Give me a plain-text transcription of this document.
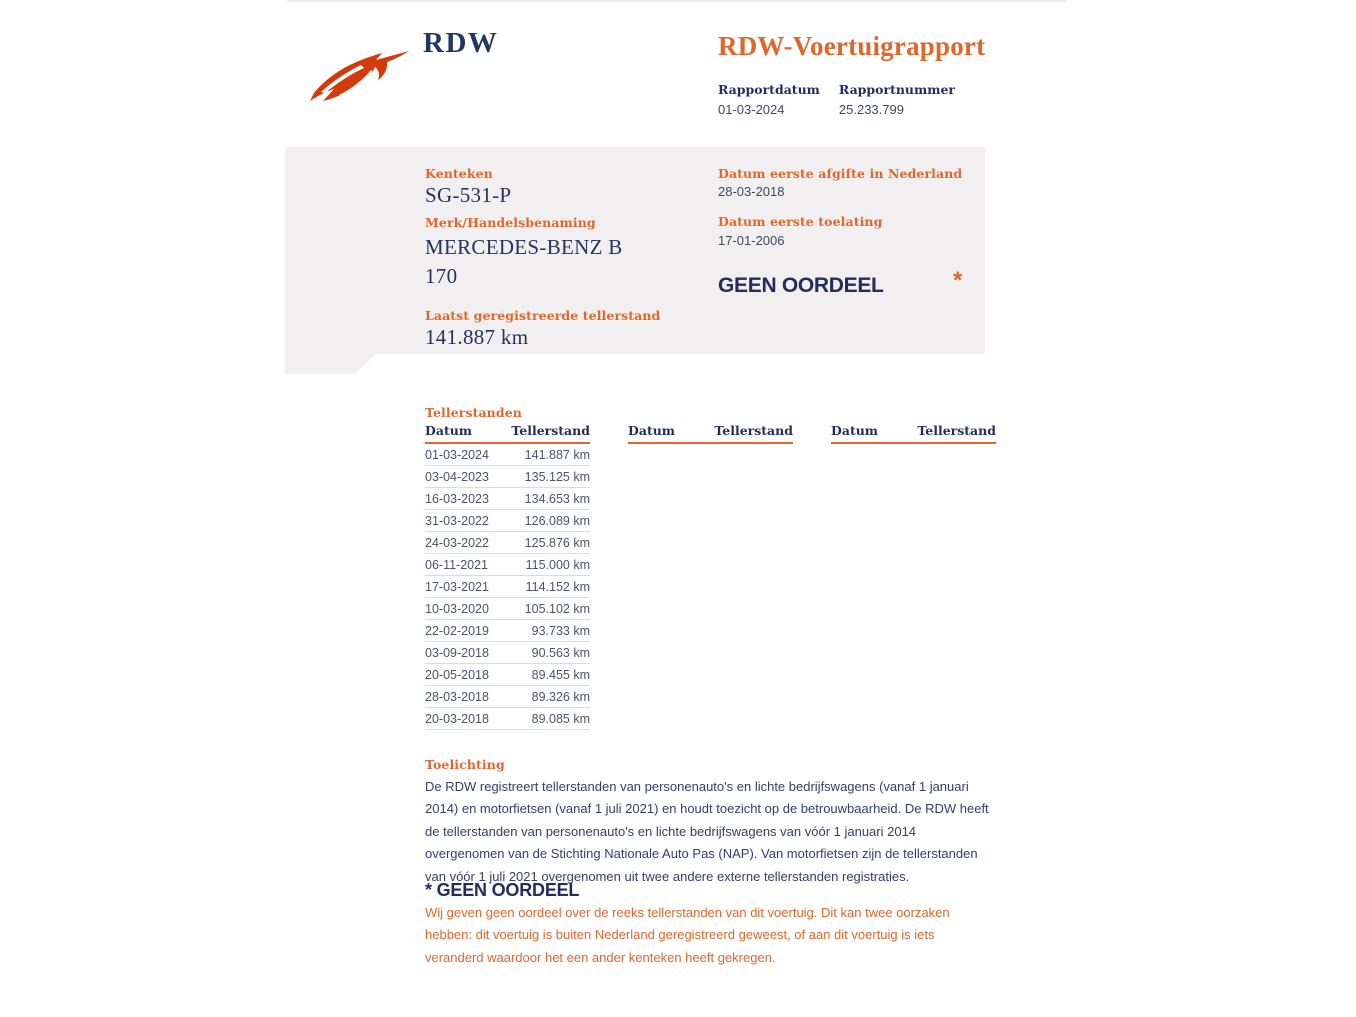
RDW	RDW-Voertuigrapport
Rapportdatum
01-03-2024
Rapportnummer
25.233.799
Kenteken
SG-531-P
Merk/Handelsbenaming
MERCEDES-BENZ B 170
Laatst geregistreerde tellerstand
141.887 km
Datum eerste afgifte in Nederland
28-03-2018
Datum eerste toelating
17-01-2006
GEEN OORDEEL	*
Tellerstanden
Datum	Tellerstand
01-03-2024	141.887 km
03-04-2023	135.125 km
16-03-2023	134.653 km
31-03-2022	126.089 km
24-03-2022	125.876 km
06-11-2021	115.000 km
17-03-2021	114.152 km
10-03-2020	105.102 km
22-02-2019	93.733 km
03-09-2018	90.563 km
20-05-2018	89.455 km
28-03-2018	89.326 km
20-03-2018	89.085 km
Datum	Tellerstand	Datum	Tellerstand
Toelichting

De RDW registreert tellerstanden van personenauto's en lichte bedrijfswagens (vanaf 1 januari 2014) en motorfietsen (vanaf 1 juli 2021) en houdt toezicht op de betrouwbaarheid. De RDW heeft de tellerstanden van personenauto's en lichte bedrijfswagens van vóór 1 januari 2014 overgenomen van de Stichting Nationale Auto Pas (NAP). Van motorfietsen zijn de tellerstanden van vóór 1 juli 2021 overgenomen uit twee andere externe tellerstanden registraties.

* GEEN OORDEEL

Wij geven geen oordeel over de reeks tellerstanden van dit voertuig. Dit kan twee oorzaken hebben: dit voertuig is buiten Nederland geregistreerd geweest, of aan dit voertuig is iets veranderd waardoor het een ander kenteken heeft gekregen.
